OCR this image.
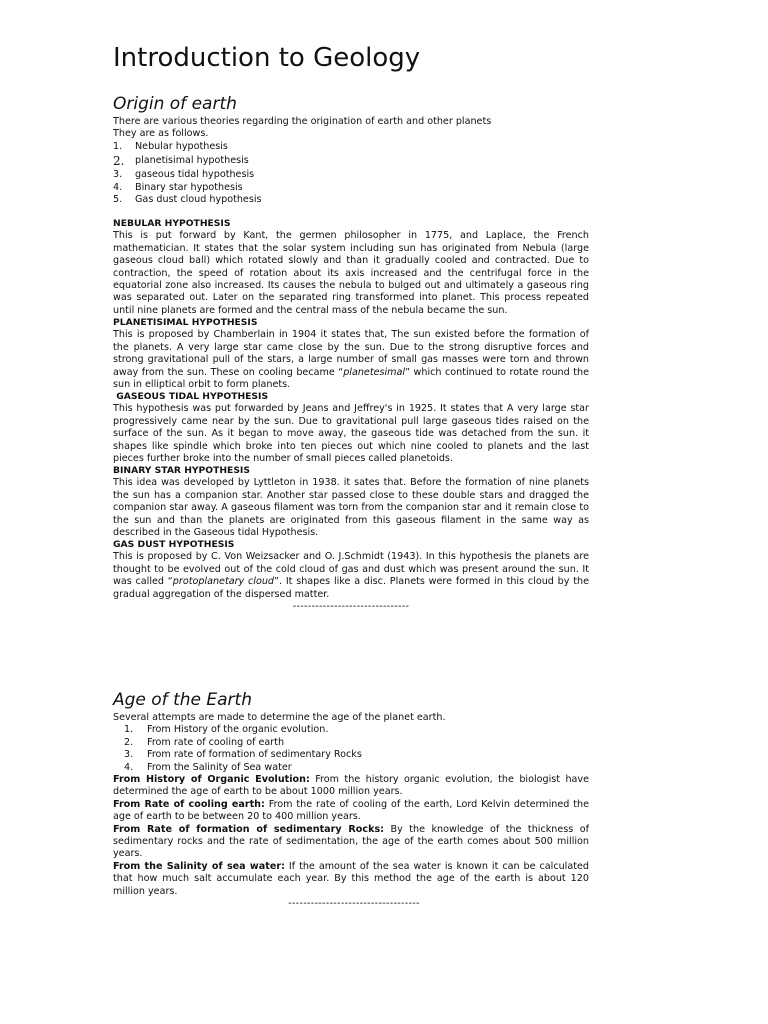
Introduction to Geology
Origin of earth

There are various theories regarding the origination of earth and other planets

They are as follows.

1.	Nebular hypothesis
2.	planetisimal hypothesis
3.	gaseous tidal hypothesis
4.	Binary star hypothesis
5.	Gas dust cloud hypothesis

NEBULAR HYPOTHESIS

This is put forward by Kant, the germen philosopher in 1775, and Laplace, the French mathematician. It states that the solar system including sun has originated from Nebula (large gaseous cloud ball) which rotated slowly and than it gradually cooled and contracted. Due to contraction, the speed of rotation about its axis increased and the centrifugal force in the equatorial zone also increased. Its causes the nebula to bulged out and ultimately a gaseous ring was separated out. Later on the separated ring transformed into planet. This process repeated until nine planets are formed and the central mass of the nebula became the sun.

PLANETISIMAL HYPOTHESIS

This is proposed by Chamberlain in 1904 it states that, The sun existed before the formation of the planets. A very large star came close by the sun. Due to the strong disruptive forces and strong gravitational pull of the stars, a large number of small gas masses were torn and thrown away from the sun. These on cooling became “planetesimal” which continued to rotate round the sun in elliptical orbit to form planets.

GASEOUS TIDAL HYPOTHESIS

This hypothesis was put forwarded by Jeans and Jeffrey's in 1925. It states that A very large star progressively came near by the sun. Due to gravitational pull large gaseous tides raised on the surface of the sun. As it began to move away, the gaseous tide was detached from the sun. it shapes like spindle which broke into ten pieces out which nine cooled to planets and the last pieces further broke into the number of small pieces called planetoids.

BINARY STAR HYPOTHESIS

This idea was developed by Lyttleton in 1938. it sates that. Before the formation of nine planets the sun has a companion star. Another star passed close to these double stars and dragged the companion star away. A gaseous filament was torn from the companion star and it remain close to the sun and than the planets are originated from this gaseous filament in the same way as described in the Gaseous tidal Hypothesis.

GAS DUST HYPOTHESIS

This is proposed by C. Von Weizsacker and O. J.Schmidt (1943). In this hypothesis the planets are thought to be evolved out of the cold cloud of gas and dust which was present around the sun. It was called “protoplanetary cloud”. It shapes like a disc. Planets were formed in this cloud by the gradual aggregation of the dispersed matter.

-------------------------------

Age of the Earth

Several attempts are made to determine the age of the planet earth.

1.	From History of the organic evolution.
2.	From rate of cooling of earth
3.	From rate of formation of sedimentary Rocks
4.	From the Salinity of Sea water

From History of Organic Evolution: From the history organic evolution, the biologist have determined the age of earth to be about 1000 million years.

From Rate of cooling earth: From the rate of cooling of the earth, Lord Kelvin determined the age of earth to be between 20 to 400 million years.

From Rate of formation of sedimentary Rocks: By the knowledge of the thickness of sedimentary rocks and the rate of sedimentation, the age of the earth comes about 500 million years.

From the Salinity of sea water: If the amount of the sea water is known it can be calculated that how much salt accumulate each year. By this method the age of the earth is about 120 million years.

-----------------------------------
